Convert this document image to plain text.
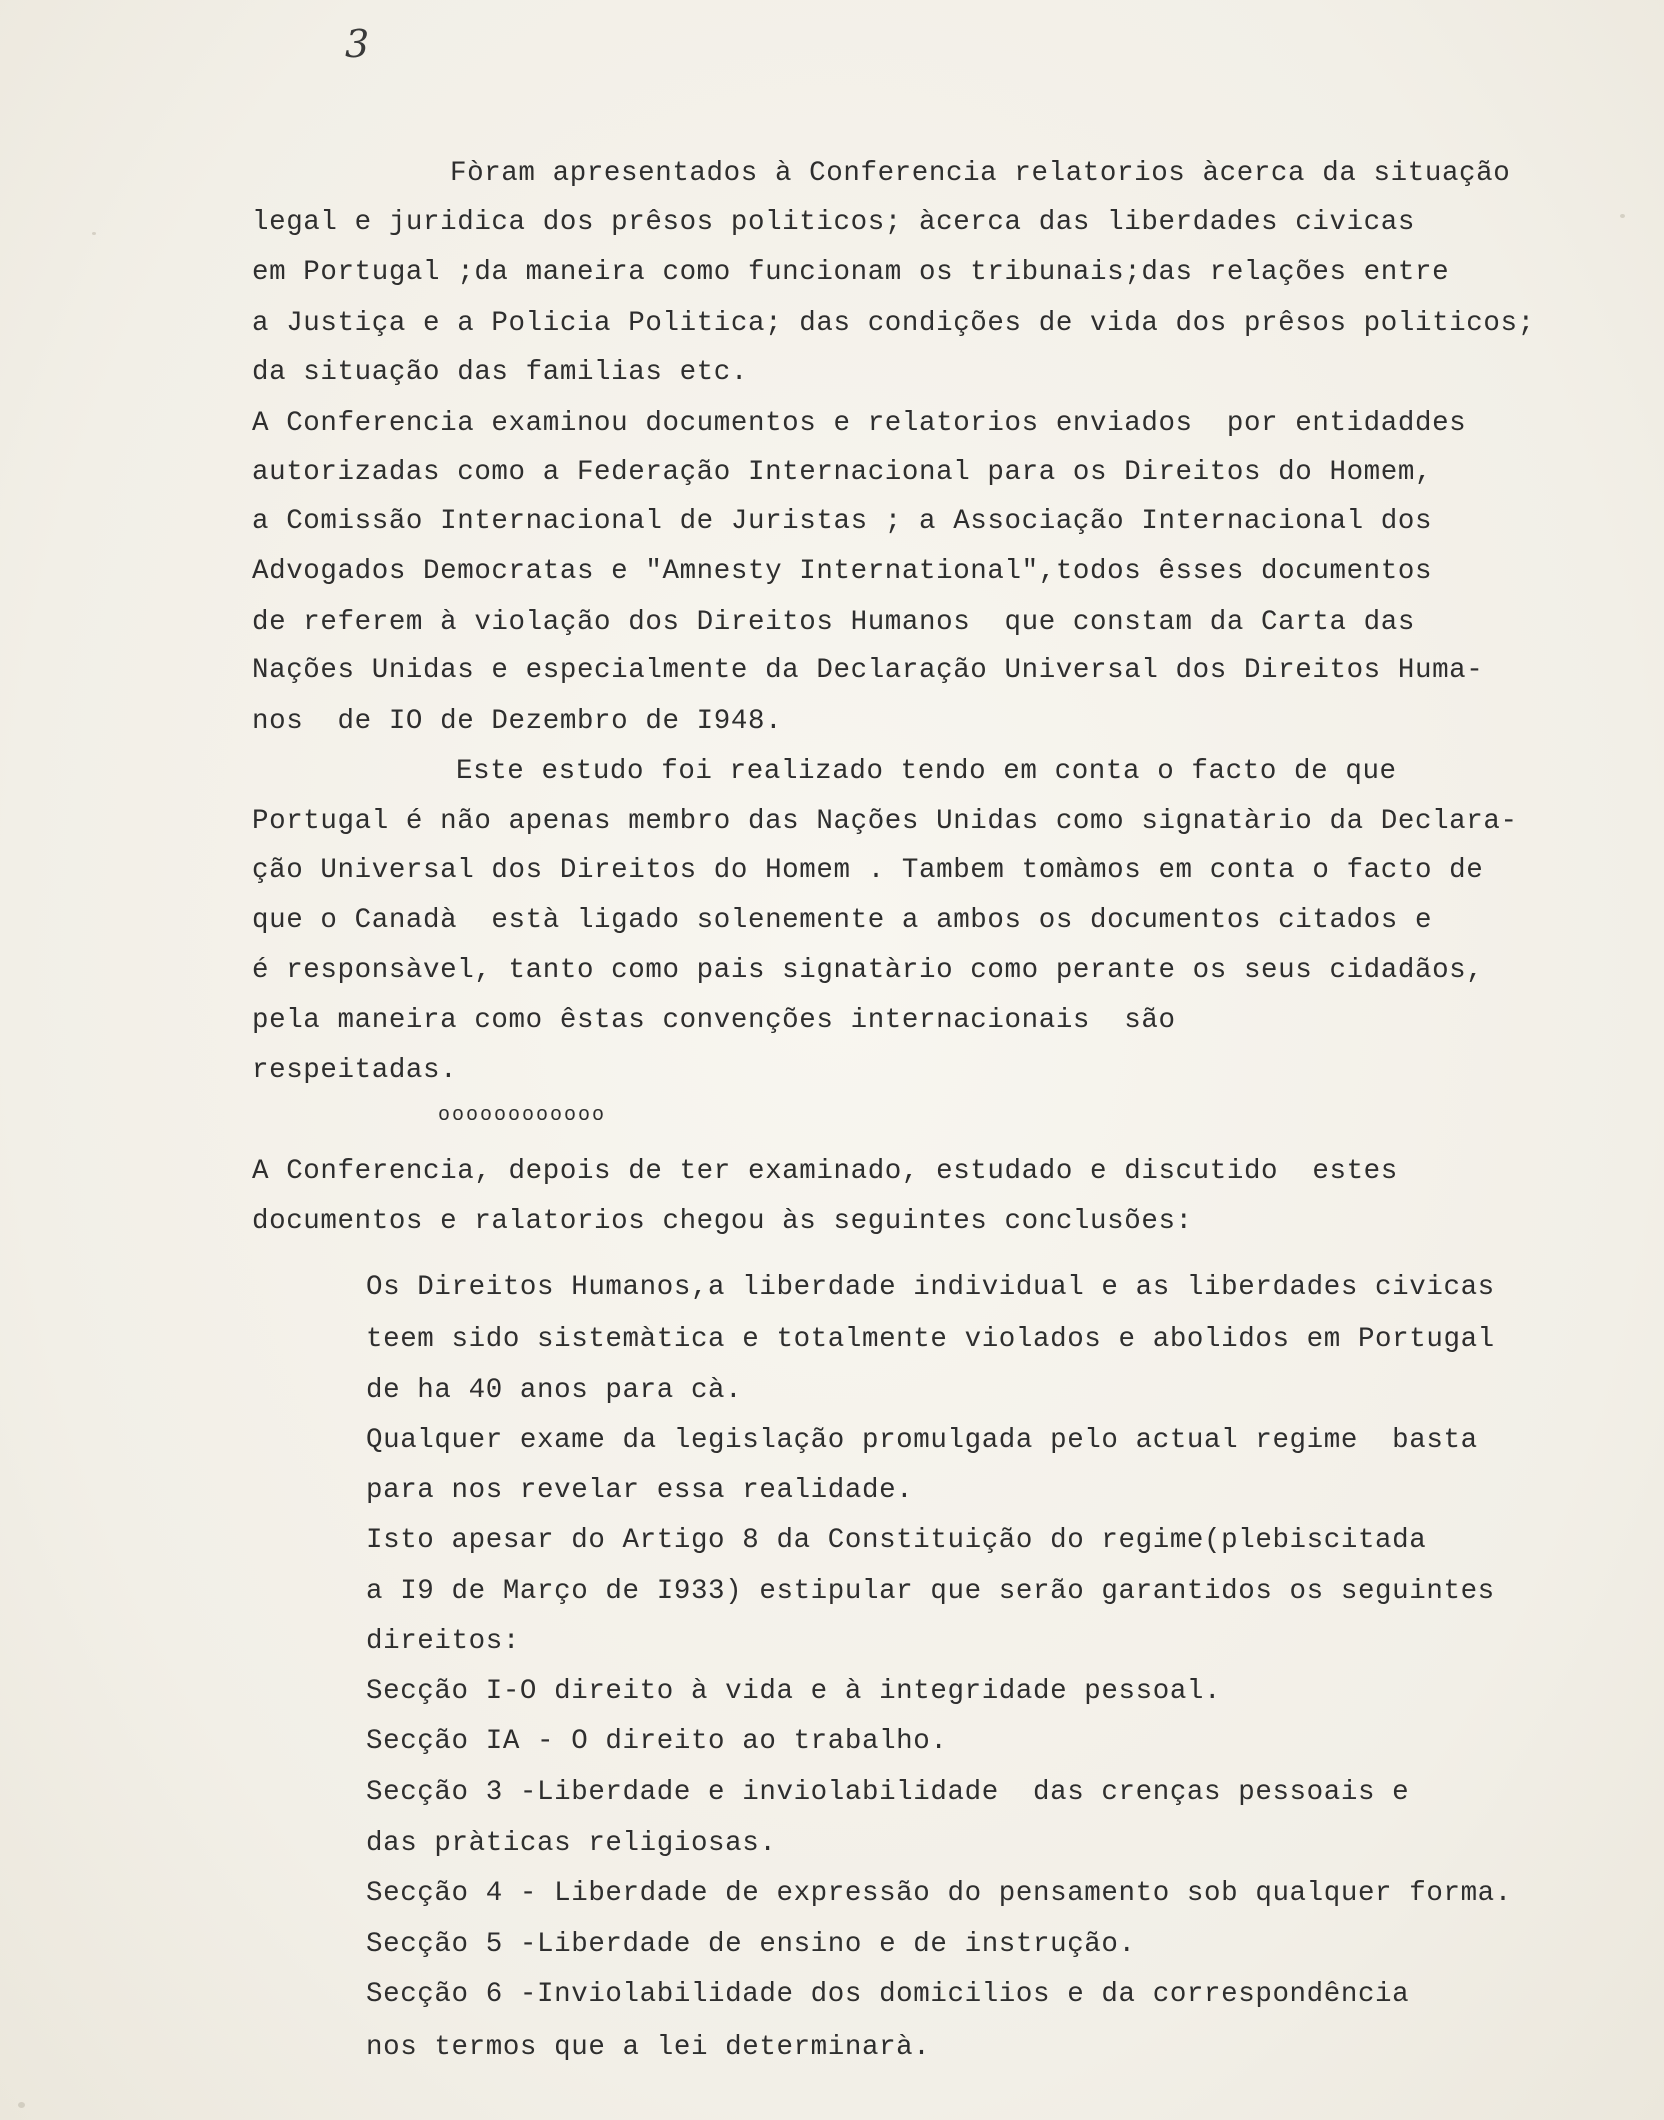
3
Fòram apresentados à Conferencia relatorios àcerca da situação
legal e juridica dos prêsos politicos; àcerca das liberdades civicas
em Portugal ;da maneira como funcionam os tribunais;das relações entre
a Justiça e a Policia Politica; das condições de vida dos prêsos politicos;
da situação das familias etc.
A Conferencia examinou documentos e relatorios enviados  por entidaddes
autorizadas como a Federação Internacional para os Direitos do Homem,
a Comissão Internacional de Juristas ; a Associação Internacional dos
Advogados Democratas e "Amnesty International",todos êsses documentos
de referem à violação dos Direitos Humanos  que constam da Carta das
Nações Unidas e especialmente da Declaração Universal dos Direitos Huma-
nos  de IO de Dezembro de I948.
Este estudo foi realizado tendo em conta o facto de que
Portugal é não apenas membro das Nações Unidas como signatàrio da Declara-
ção Universal dos Direitos do Homem . Tambem tomàmos em conta o facto de
que o Canadà  està ligado solenemente a ambos os documentos citados e
é responsàvel, tanto como pais signatàrio como perante os seus cidadãos,
pela maneira como êstas convenções internacionais  são
respeitadas.
oooooooooooo
A Conferencia, depois de ter examinado, estudado e discutido  estes
documentos e ralatorios chegou às seguintes conclusões:
Os Direitos Humanos,a liberdade individual e as liberdades civicas
teem sido sistemàtica e totalmente violados e abolidos em Portugal
de ha 40 anos para cà.
Qualquer exame da legislação promulgada pelo actual regime  basta
para nos revelar essa realidade.
Isto apesar do Artigo 8 da Constituição do regime(plebiscitada
a I9 de Março de I933) estipular que serão garantidos os seguintes
direitos:
Secção I-O direito à vida e à integridade pessoal.
Secção IA - O direito ao trabalho.
Secção 3 -Liberdade e inviolabilidade  das crenças pessoais e
das pràticas religiosas.
Secção 4 - Liberdade de expressão do pensamento sob qualquer forma.
Secção 5 -Liberdade de ensino e de instrução.
Secção 6 -Inviolabilidade dos domicilios e da correspondência
nos termos que a lei determinarà.
